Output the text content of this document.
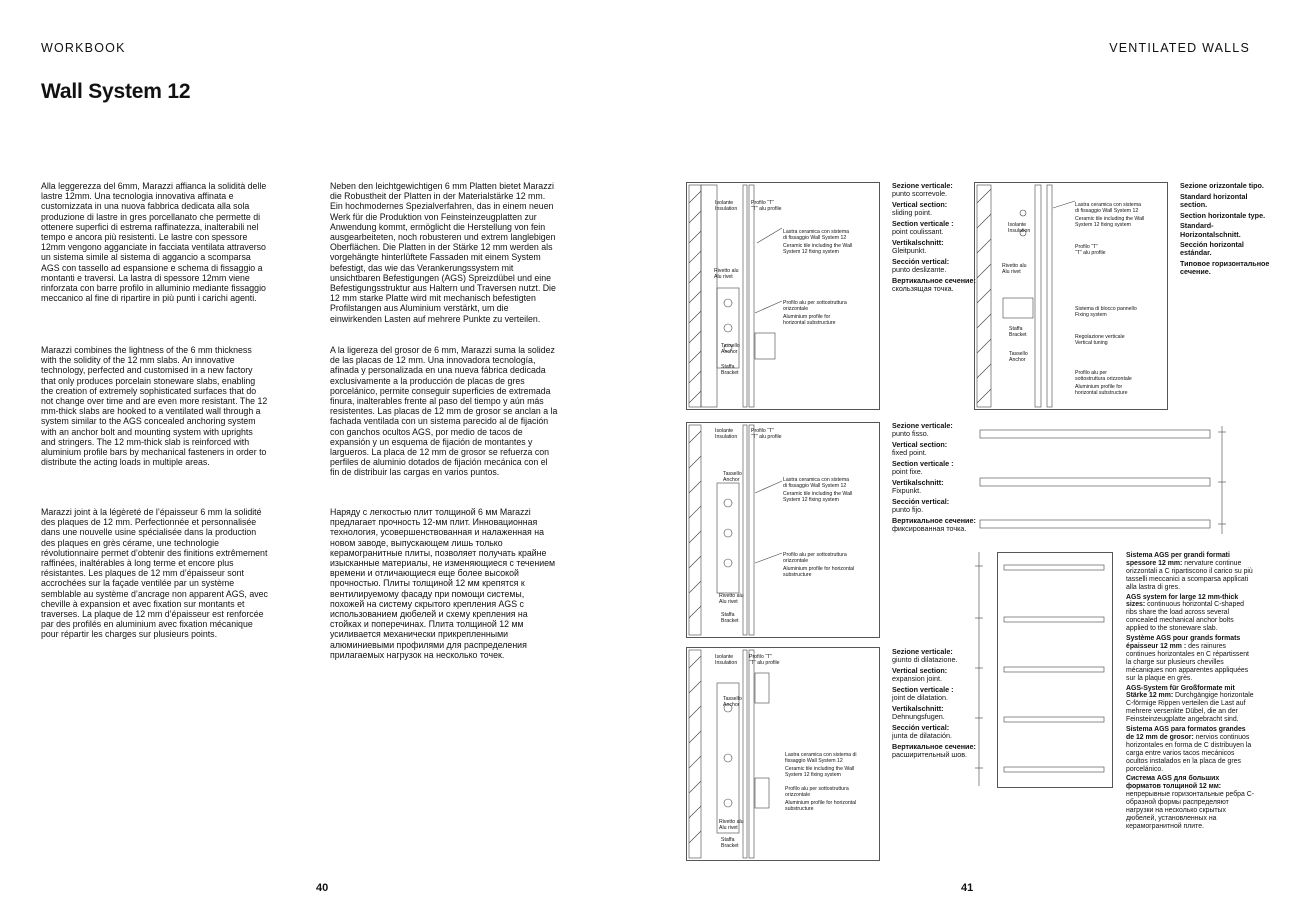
WORKBOOK	VENTILATED WALLS
Wall System 12

Alla leggerezza del 6mm, Marazzi affianca la solidità delle lastre 12mm. Una tecnologia innovativa affinata e customizzata in una nuova fabbrica dedicata alla sola produzione di lastre in gres porcellanato che permette di ottenere superfici di estrema raffinatezza, inalterabili nel tempo e ancora più resistenti. Le lastre con spessore 12mm vengono agganciate in facciata ventilata attraverso un sistema simile al sistema di aggancio a scomparsa AGS con tassello ad espansione e schema di fissaggio a montanti e traversi. La lastra di spessore 12mm viene rinforzata con barre profilo in alluminio mediante fissaggio meccanico al fine di ripartire in più punti i carichi agenti.

Marazzi combines the lightness of the 6 mm thickness with the solidity of the 12 mm slabs. An innovative technology, perfected and customised in a new factory that only produces porcelain stoneware slabs, enabling the creation of extremely sophisticated surfaces that do not change over time and are even more resistant. The 12 mm-thick slabs are hooked to a ventilated wall through a system similar to the AGS concealed anchoring system with an anchor bolt and mounting system with uprights and stringers. The 12 mm-thick slab is reinforced with aluminium profile bars by mechanical fasteners in order to distribute the acting loads in multiple areas.

Marazzi joint à la légèreté de l’épaisseur 6 mm la solidité des plaques de 12 mm. Perfectionnée et personnalisée dans une nouvelle usine spécialisée dans la production des plaques en grès cérame, une technologie révolutionnaire permet d’obtenir des finitions extrêmement raffinées, inaltérables à long terme et encore plus résistantes. Les plaques de 12 mm d’épaisseur sont accrochées sur la façade ventilée par un système semblable au système d’ancrage non apparent AGS, avec cheville à expansion et avec fixation sur montants et traverses. La plaque de 12 mm d’épaisseur est renforcée par des profilés en aluminium avec fixation mécanique pour répartir les charges sur plusieurs points.

Neben den leichtgewichtigen 6 mm Platten bietet Marazzi die Robustheit der Platten in der Materialstärke 12 mm. Ein hochmodernes Spezialverfahren, das in einem neuen Werk für die Produktion von Feinsteinzeugplatten zur Anwendung kommt, ermöglicht die Herstellung von fein ausgearbeiteten, noch robusteren und extrem langlebigen Oberflächen. Die Platten in der Stärke 12 mm werden als vorgehängte hinterlüftete Fassaden mit einem System befestigt, das wie das Verankerungssystem mit unsichtbaren Befestigungen (AGS) Spreizdübel und eine Befestigungsstruktur aus Haltern und Traversen nutzt. Die 12 mm starke Platte wird mit mechanisch befestigten Profilstangen aus Aluminium verstärkt, um die einwirkenden Lasten auf mehrere Punkte zu verteilen.

A la ligereza del grosor de 6 mm, Marazzi suma la solidez de las placas de 12 mm. Una innovadora tecnología, afinada y personalizada en una nueva fábrica dedicada exclusivamente a la producción de placas de gres porcelánico, permite conseguir superficies de extremada finura, inalterables frente al paso del tiempo y aún más resistentes. Las placas de 12 mm de grosor se anclan a la fachada ventilada con un sistema parecido al de fijación con ganchos ocultos AGS, por medio de tacos de expansión y un esquema de fijación de montantes y largueros. La placa de 12 mm de grosor se refuerza con perfiles de aluminio dotados de fijación mecánica con el fin de distribuir las cargas en varios puntos.

Наряду с легкостью плит толщиной 6 мм Marazzi предлагает прочность 12-мм плит. Инновационная технология, усовершенствованная и налаженная на новом заводе, выпускающем лишь только керамогранитные плиты, позволяет получать крайне изысканные материалы, не изменяющиеся с течением времени и отличающиеся еще более высокой прочностью. Плиты толщиной 12 мм крепятся к вентилируемому фасаду при помощи системы, похожей на систему скрытого крепления AGS с использованием дюбелей и схему крепления на стойках и поперечинах. Плита толщиной 12 мм усиливается механически прикрепленными алюминиевыми профилями для распределения прилагаемых нагрузок на несколько точек.

40	41
Isolante
Insulation
Profilo “T”
“T” alu profile
Lastra ceramica con sistema
di fissaggio Wall System 12
Ceramic tile including the Wall
System 12 fixing system
Rivetto alu
Alu rivet
Profilo alu per sottostruttura
orizzontale
Aluminium profile for
horizontal substructure
Tassello
Anchor
Staffa
Bracket
Isolante
Insulation
Profilo “T”
“T” alu profile
Tassello
Anchor	Lastra ceramica con sistema
di fissaggio Wall System 12
Ceramic tile including the Wall
System 12 fixing system
Profilo alu per sottostruttura
orizzontale
Aluminium profile for horizontal
substructure
Rivetto alu
Alu rivet
Staffa
Bracket
Isolante
Insulation
Profilo “T”
“T” alu profile
Tassello
Anchor
Lastra ceramica con sistema di
fissaggio Wall System 12
Ceramic tile including the Wall
System 12 fixing system
Profilo alu per sottostruttura
orizzontale
Aluminium profile for horizontal
substructure
Rivetto alu
Alu rivet
Staffa
Bracket
Lastra ceramica con sistema
di fissaggio Wall System 12
Ceramic tile including the Wall
System 12 fixing system
Isolante
Insulation
Profilo “T”
“T” alu profile
Rivetto alu
Alu rivet
Sistema di blocco pannello
Fixing system
Staffa
Bracket	Regolazione verticale
Vertical tuning
Tassello
Anchor
Profilo alu per
sottostruttura orizzontale
Aluminium profile for
horizontal substructure

Sezione verticale:
punto scorrevole.

Vertical section:
sliding point.

Section verticale :
point coulissant.

Vertikalschnitt:
Gleitpunkt.

Sección vertical:
punto deslizante.

Вертикальное сечение:
скользящая точка.

Sezione verticale:
punto fisso.

Vertical section:
fixed point.

Section verticale :
point fixe.

Vertikalschnitt:
Fixpunkt.

Sección vertical:
punto fijo.

Вертикальное сечение:
фиксированная точка.

Sezione verticale:
giunto di dilatazione.

Vertical section:
expansion joint.

Section verticale :
joint de dilatation.

Vertikalschnitt:
Dehnungsfugen.

Sección vertical:
junta de dilatación.

Вертикальное сечение:
расширительный шов.

Sezione orizzontale tipo.

Standard horizontal section.

Section horizontale type.

Standard-Horizontalschnitt.

Sección horizontal estándar.

Типовое горизонтальное сечение.

Sistema AGS per grandi formati spessore 12 mm: nervature continue orizzontali a C ripartiscono il carico su più tasselli meccanici a scomparsa applicati alla lastra di gres.

AGS system for large 12 mm-thick sizes: continuous horizontal C-shaped ribs share the load across several concealed mechanical anchor bolts applied to the stoneware slab.

Système AGS pour grands formats épaisseur 12 mm : des rainures continues horizontales en C répartissent la charge sur plusieurs chevilles mécaniques non apparentes appliquées sur la plaque en grès.

AGS-System für Großformate mit Stärke 12 mm: Durchgängige horizontale C-förmige Rippen verteilen die Last auf mehrere versenkte Dübel, die an der Feinsteinzeugplatte angebracht sind.

Sistema AGS para formatos grandes de 12 mm de grosor: nervios continuos horizontales en forma de C distribuyen la carga entre varios tacos mecánicos ocultos instalados en la placa de gres porcelánico.

Система AGS для больших форматов толщиной 12 мм: непрерывные горизонтальные ребра С-образной формы распределяют нагрузки на несколько скрытых дюбелей, установленных на керамогранитной плите.
